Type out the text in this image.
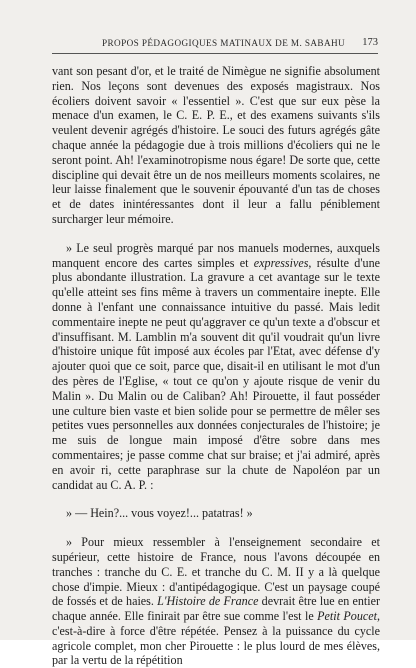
PROPOS PÉDAGOGIQUES MATINAUX DE M. SABAHU 173

vant son pesant d'or, et le traité de Nimègue ne signifie absolument rien. Nos leçons sont devenues des exposés magistraux. Nos écoliers doivent savoir « l'essentiel ». C'est que sur eux pèse la menace d'un examen, le C. E. P. E., et des examens suivants s'ils veulent devenir agrégés d'histoire. Le souci des futurs agrégés gâte chaque année la pédagogie due à trois millions d'écoliers qui ne le seront point. Ah! l'examinotropisme nous égare! De sorte que, cette discipline qui devait être un de nos meilleurs moments scolaires, ne leur laisse finalement que le souvenir épouvanté d'un tas de choses et de dates inintéressantes dont il leur a fallu péniblement surcharger leur mémoire.

» Le seul progrès marqué par nos manuels modernes, auxquels manquent encore des cartes simples et expressives, résulte d'une plus abondante illustration. La gravure a cet avantage sur le texte qu'elle atteint ses fins même à travers un commentaire inepte. Elle donne à l'enfant une connaissance intuitive du passé. Mais ledit commentaire inepte ne peut qu'aggraver ce qu'un texte a d'obscur et d'insuffisant. M. Lamblin m'a souvent dit qu'il voudrait qu'un livre d'histoire unique fût imposé aux écoles par l'Etat, avec défense d'y ajouter quoi que ce soit, parce que, disait-il en utilisant le mot d'un des pères de l'Eglise, « tout ce qu'on y ajoute risque de venir du Malin ». Du Malin ou de Caliban? Ah! Pirouette, il faut posséder une culture bien vaste et bien solide pour se permettre de mêler ses petites vues personnelles aux données conjecturales de l'histoire; je me suis de longue main imposé d'être sobre dans mes commentaires; je passe comme chat sur braise; et j'ai admiré, après en avoir ri, cette paraphrase sur la chute de Napoléon par un candidat au C. A. P. :

» — Hein?... vous voyez!... patatras! »

» Pour mieux ressembler à l'enseignement secondaire et supérieur, cette histoire de France, nous l'avons découpée en tranches : tranche du C. E. et tranche du C. M. II y a là quelque chose d'impie. Mieux : d'antipédagogique. C'est un paysage coupé de fossés et de haies. L'Histoire de France devrait être lue en entier chaque année. Elle finirait par être sue comme l'est le Petit Poucet, c'est-à-dire à force d'être répétée. Pensez à la puissance du cycle agricole complet, mon cher Pirouette : le plus lourd de mes élèves, par la vertu de la répétition
